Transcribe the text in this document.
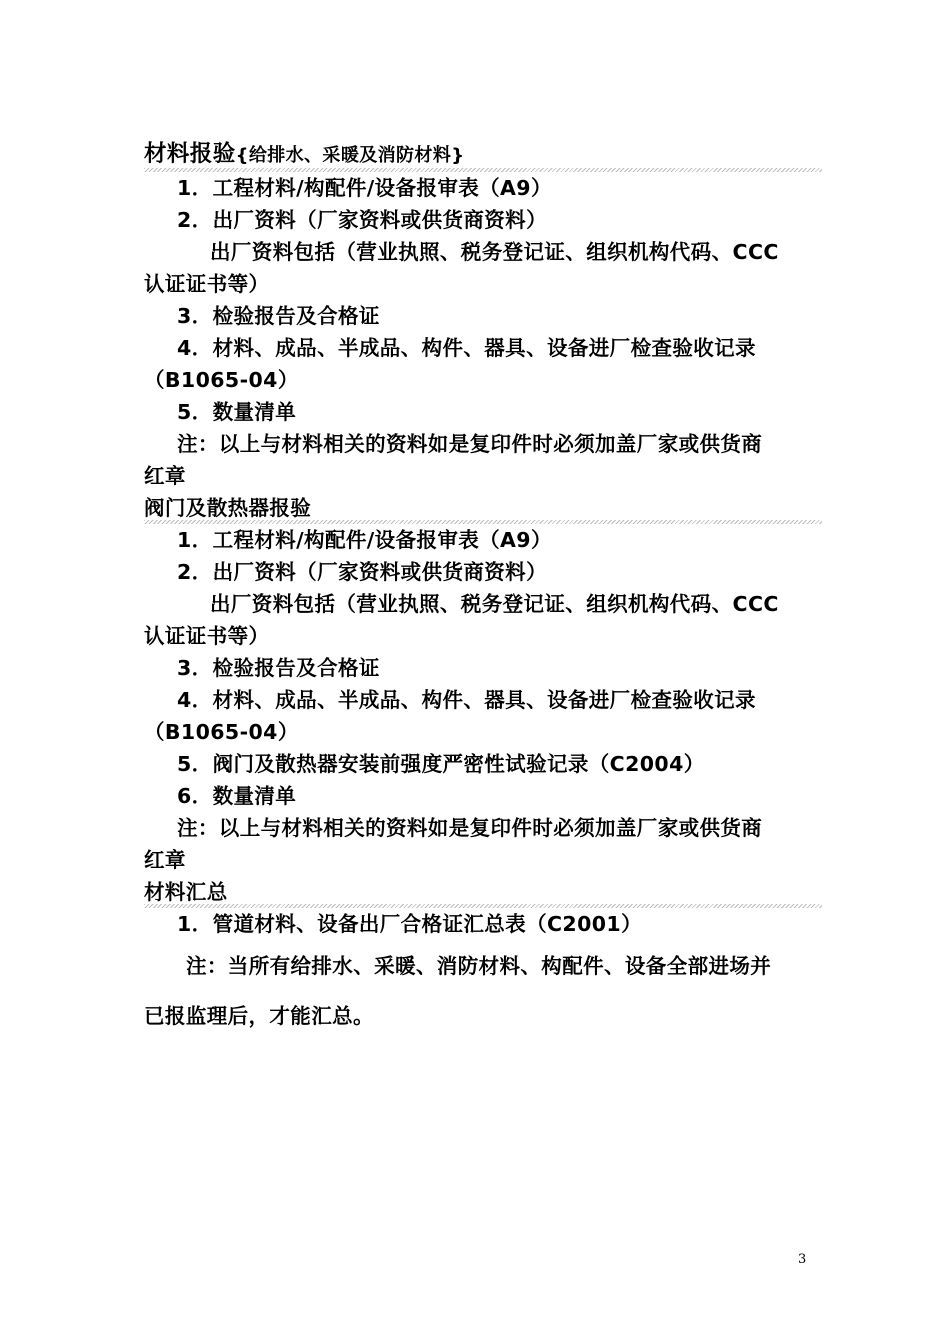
材料报验{给排水、采暖及消防材料}
1．工程材料/构配件/设备报审表（A9）
2．出厂资料（厂家资料或供货商资料）
出厂资料包括（营业执照、税务登记证、组织机构代码、CCC
认证证书等）
3．检验报告及合格证
4．材料、成品、半成品、构件、器具、设备进厂检查验收记录
（B1065-04）
5．数量清单
注：以上与材料相关的资料如是复印件时必须加盖厂家或供货商
红章
阀门及散热器报验
1．工程材料/构配件/设备报审表（A9）
2．出厂资料（厂家资料或供货商资料）
出厂资料包括（营业执照、税务登记证、组织机构代码、CCC
认证证书等）
3．检验报告及合格证
4．材料、成品、半成品、构件、器具、设备进厂检查验收记录
（B1065-04）
5．阀门及散热器安装前强度严密性试验记录（C2004）
6．数量清单
注：以上与材料相关的资料如是复印件时必须加盖厂家或供货商
红章
材料汇总
1．管道材料、设备出厂合格证汇总表（C2001）
注：当所有给排水、采暖、消防材料、构配件、设备全部进场并
已报监理后，才能汇总。
3
